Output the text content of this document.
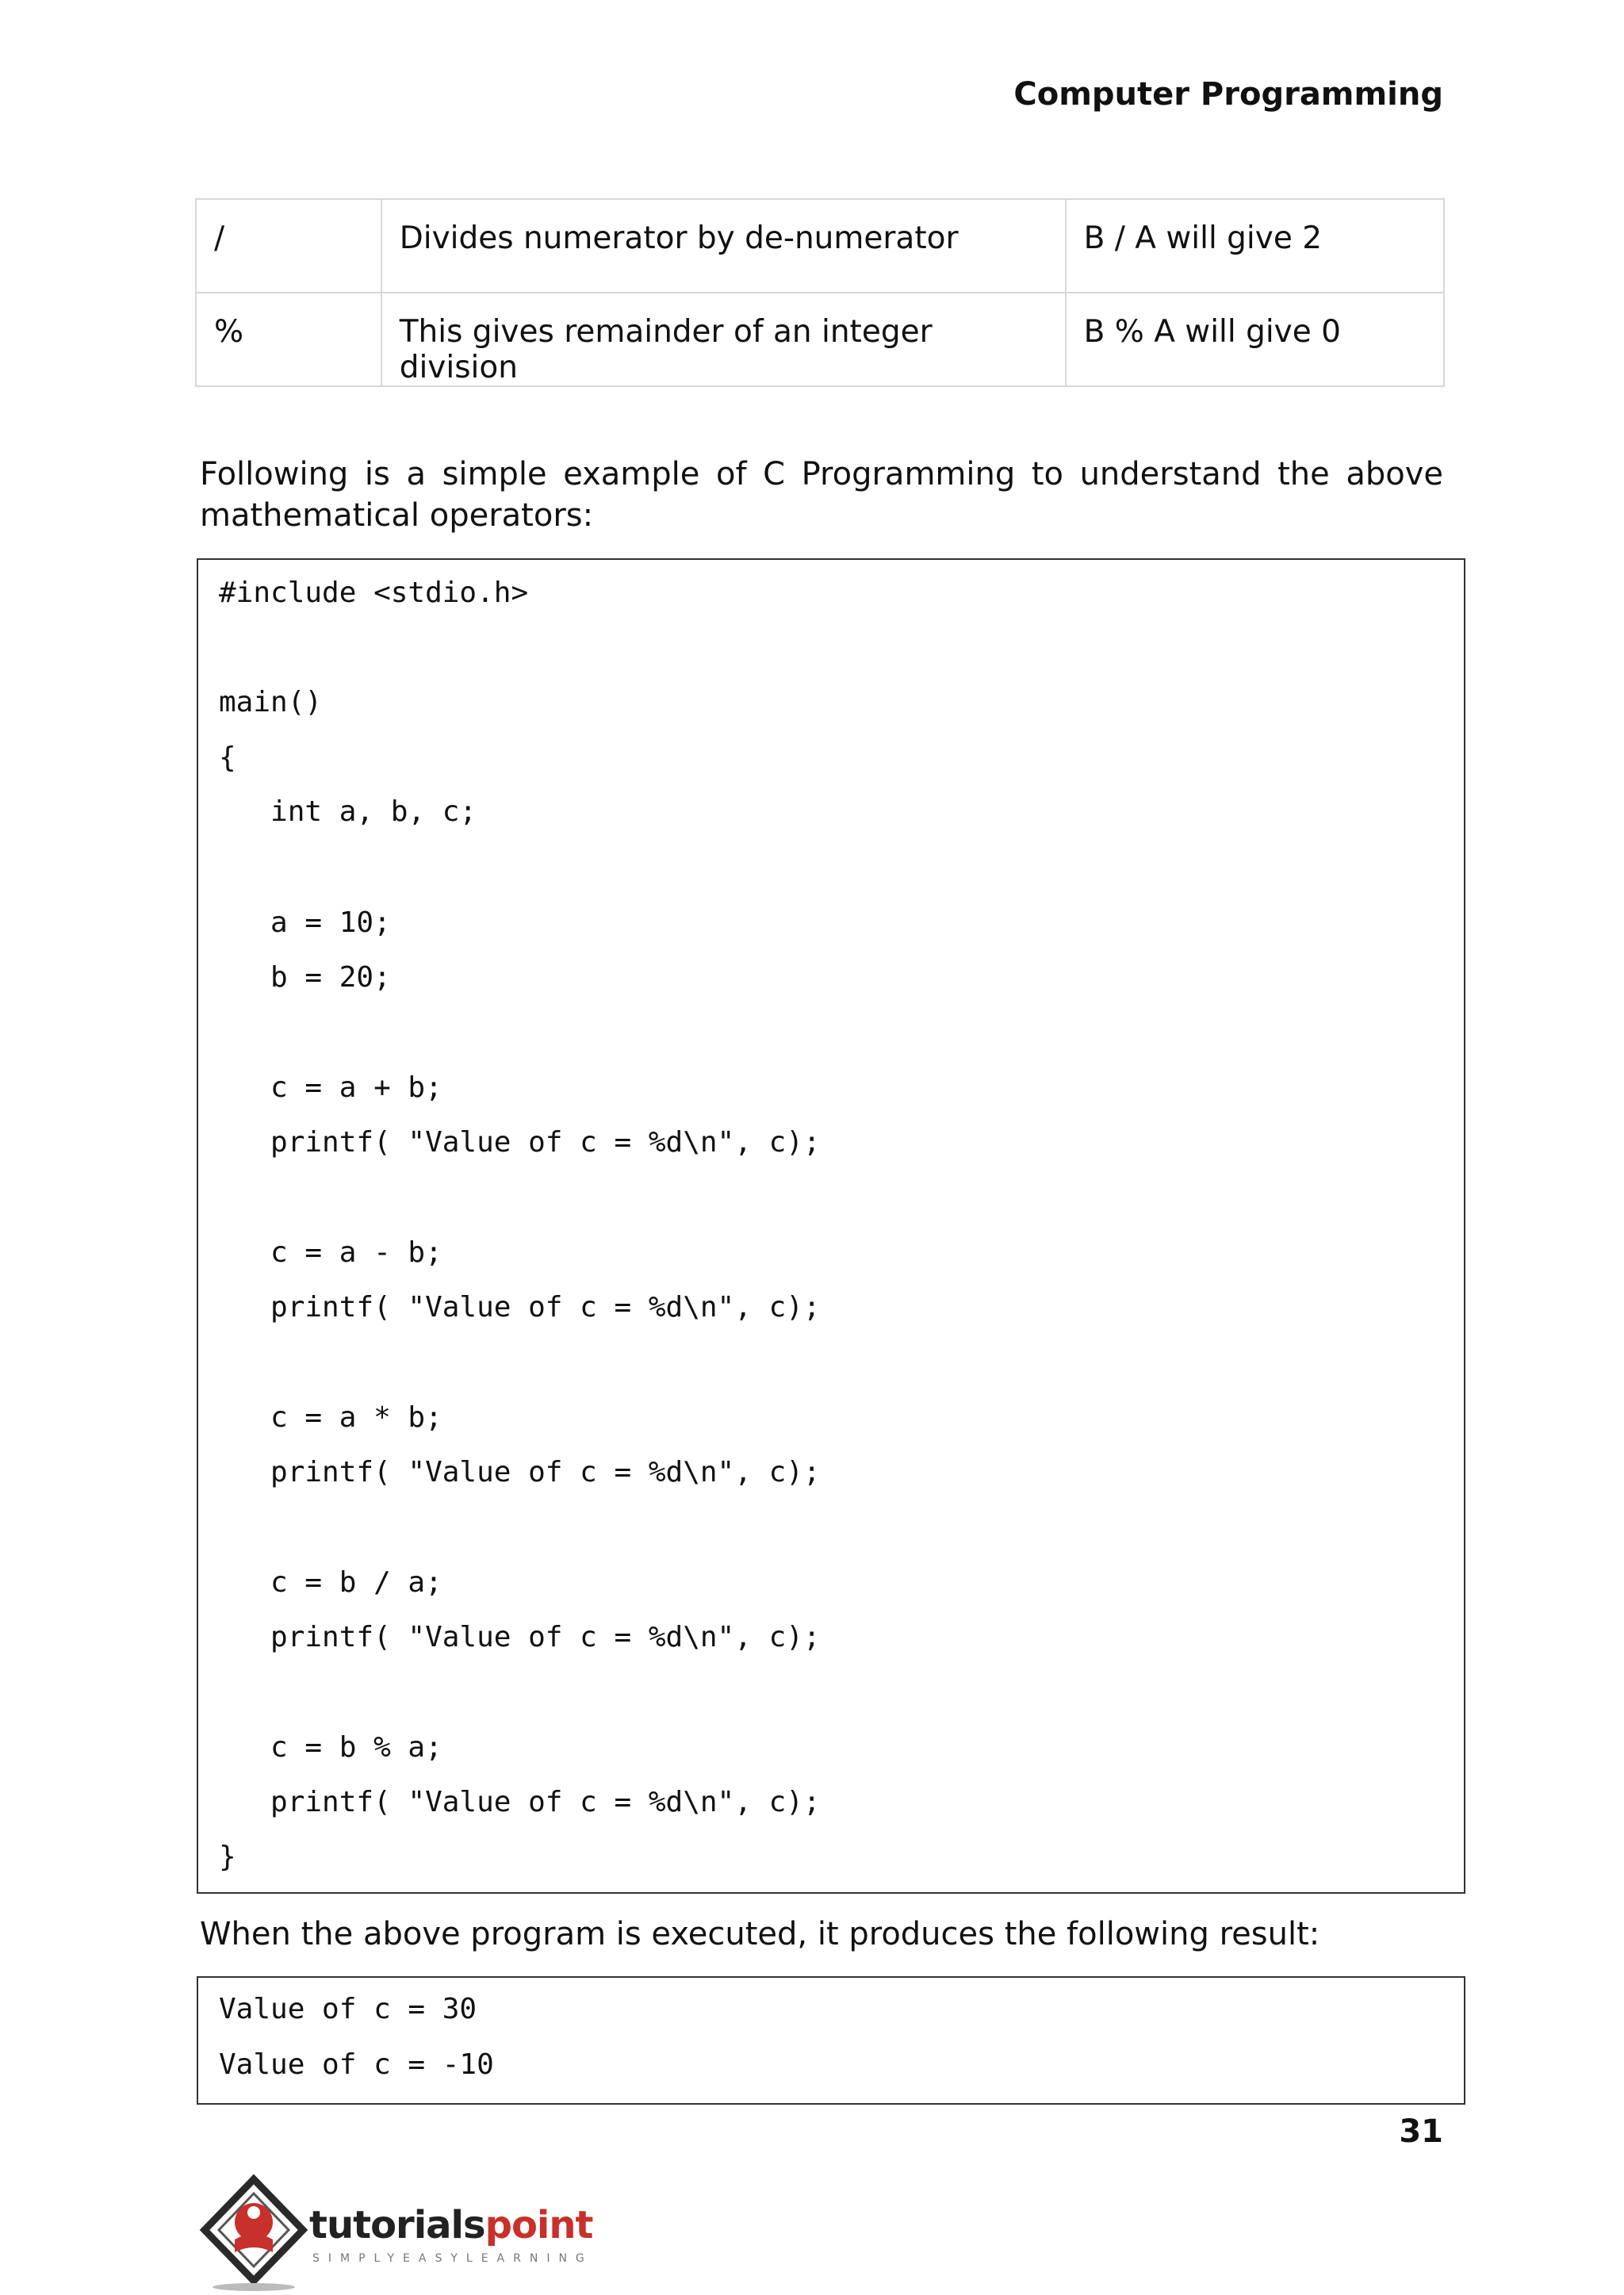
Computer Programming
/	Divides numerator by de-numerator	B / A will give 2
%	This gives remainder of an integer division	B % A will give 0
Following is a simple example of C Programming to understand the above mathematical operators:
#include <stdio.h>
main()
{
int a, b, c;
a = 10;
b = 20;
c = a + b;
printf( "Value of c = %d\n", c);
c = a - b;
printf( "Value of c = %d\n", c);
c = a * b;
printf( "Value of c = %d\n", c);
c = b / a;
printf( "Value of c = %d\n", c);
c = b % a;
printf( "Value of c = %d\n", c);
}
When the above program is executed, it produces the following result:
Value of c = 30
Value of c = -10
31
tutorialspoint
SIMPLYEASYLEARNING
